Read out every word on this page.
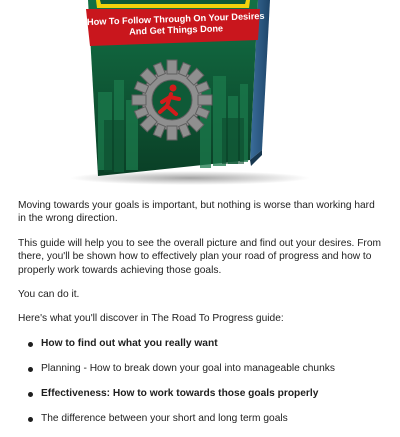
How To Follow Through On Your Desires
And Get Things Done

Moving towards your goals is important, but nothing is worse than working hard in the wrong direction.

This guide will help you to see the overall picture and find out your desires. From there, you'll be shown how to effectively plan your road of progress and how to properly work towards achieving those goals.

You can do it.

Here's what you'll discover in The Road To Progress guide:

How to find out what you really want
Planning - How to break down your goal into manageable chunks
Effectiveness: How to work towards those goals properly
The difference between your short and long term goals
